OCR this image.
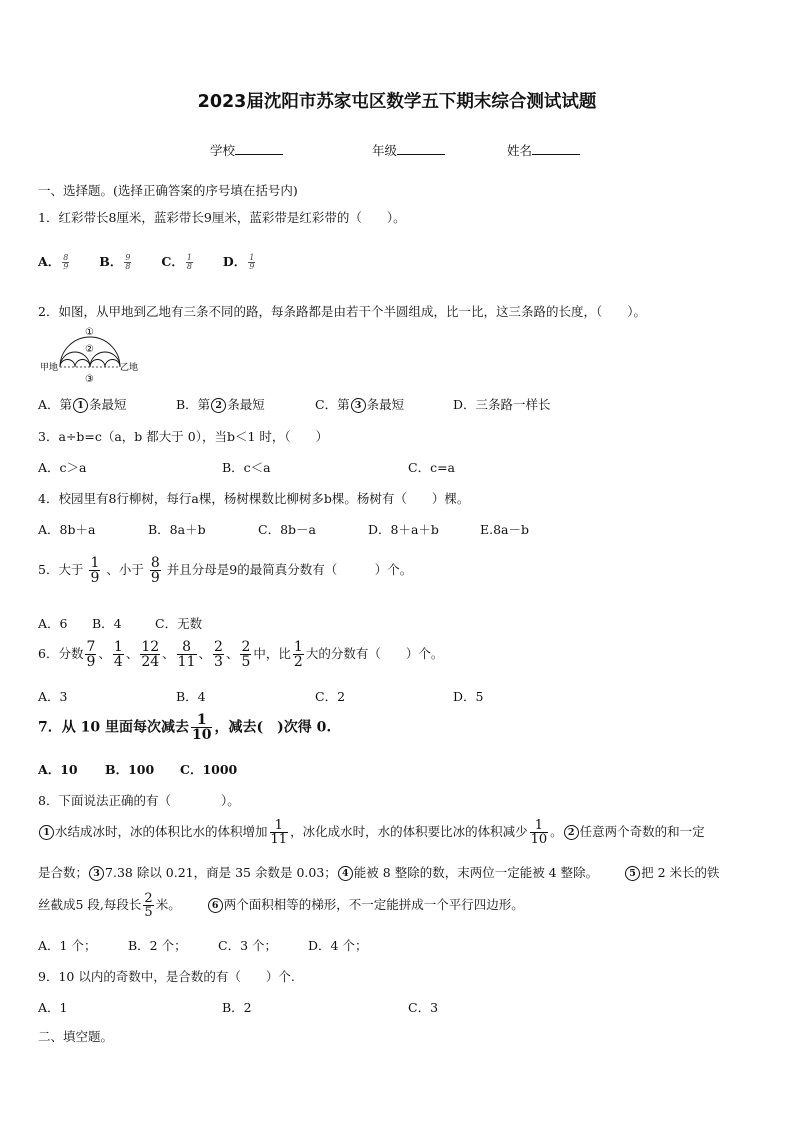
2023届沈阳市苏家屯区数学五下期末综合测试试题
学校	年级	姓名
一、选择题。(选择正确答案的序号填在括号内)
1．红彩带长8厘米，蓝彩带长9厘米，蓝彩带是红彩带的（　　）。
A． $\frac{8}{9}$ B． $\frac{9}{8}$ C． $\frac{1}{8}$ D． $\frac{1}{9}$
2．如图，从甲地到乙地有三条不同的路，每条路都是由若干个半圆组成，比一比，这三条路的长度，（　　）。
甲地	乙地
①
②
③
A．第 1 条最短	B．第 2 条最短	C．第 3 条最短	D．三条路一样长
3．a÷b=c（a，b 都大于 0），当b＜1 时，（　　）
A．c＞a	B．c＜a	C．c=a
4．校园里有8行柳树，每行a棵，杨树棵数比柳树多b棵。杨树有（　　）棵。
A．8b＋a	B．8a＋b	C．8b－a	D．8＋a＋b	E.8a－b
5．大于 $\frac{1}{9}$ 、小于 $\frac{8}{9}$ 并且分母是9的最简真分数有（　　　）个。
A．6 B．4	C．无数
6．分数 $\frac{7}{9}$ 、 $\frac{1}{4}$ 、 $\frac{12}{24}$ 、 $\frac{8}{11}$ 、 $\frac{2}{3}$ 、 $\frac{2}{5}$ 中，比 $\frac{1}{2}$ 大的分数有（　　）个。
A．3	B．4	C．2	D．5
7．从 10 里面每次减去 $\frac{1}{10}$ ，减去(　)次得 0.
A．10 B．100 C．1000
8．下面说法正确的有（　　　　）。
1 水结成冰时，冰的体积比水的体积增加 $\frac{1}{11}$ ，冰化成水时，水的体积要比冰的体积减少 $\frac{1}{10}$ 。 2 任意两个奇数的和一定
是合数； 3 7.38 除以 0.21，商是 35 余数是 0.03； 4 能被 8 整除的数，末两位一定能被 4 整除。	5 把 2 米长的铁
丝截成5 段,每段长 $\frac{2}{5}$ 米。	6 两个面积相等的梯形，不一定能拼成一个平行四边形。
A．1 个；	B．2 个；	C．3 个； D．4 个；
9．10 以内的奇数中，是合数的有（　　）个.
A．1	B．2	C．3
二、填空题。
